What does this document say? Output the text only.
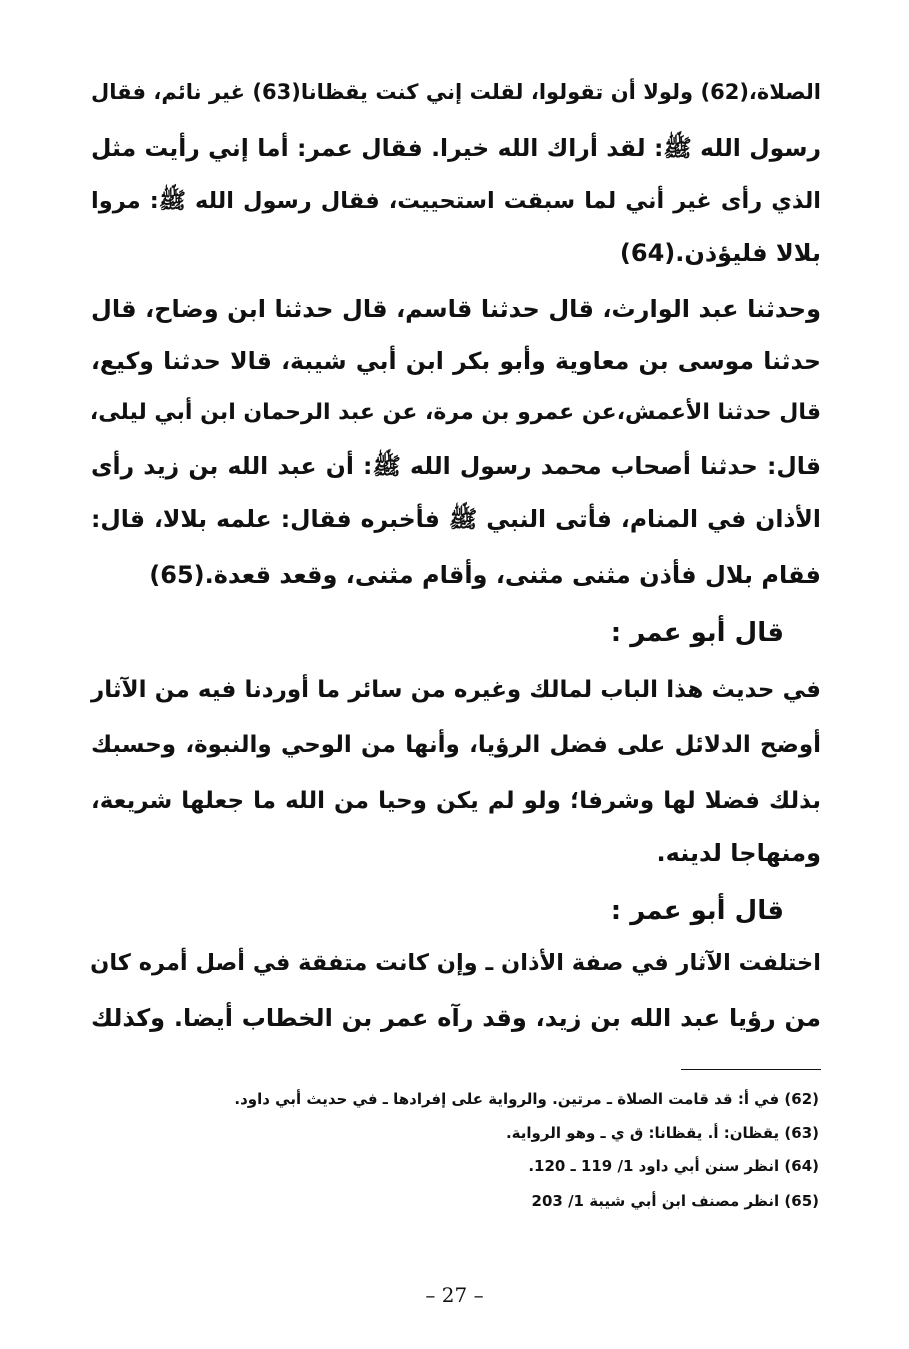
الصلاة،(62) ولولا أن تقولوا، لقلت إني كنت يقظانا(63) غير نائم، فقال
رسول الله ﷺ: لقد أراك الله خيرا. فقال عمر: أما إني رأيت مثل
الذي رأى غير أني لما سبقت استحييت، فقال رسول الله ﷺ: مروا
بلالا فليؤذن.(64)
وحدثنا عبد الوارث، قال حدثنا قاسم، قال حدثنا ابن وضاح، قال
حدثنا موسى بن معاوية وأبو بكر ابن أبي شيبة، قالا حدثنا وكيع،
قال حدثنا الأعمش،عن عمرو بن مرة، عن عبد الرحمان ابن أبي ليلى،
قال: حدثنا أصحاب محمد رسول الله ﷺ: أن عبد الله بن زيد رأى
الأذان في المنام، فأتى النبي ﷺ فأخبره فقال: علمه بلالا، قال:
فقام بلال فأذن مثنى مثنى، وأقام مثنى، وقعد قعدة.(65)
قال أبو عمر :
في حديث هذا الباب لمالك وغيره من سائر ما أوردنا فيه من الآثار
أوضح الدلائل على فضل الرؤيا، وأنها من الوحي والنبوة، وحسبك
بذلك فضلا لها وشرفا؛ ولو لم يكن وحيا من الله ما جعلها شريعة،
ومنهاجا لدينه.
قال أبو عمر :
اختلفت الآثار في صفة الأذان ـ وإن كانت متفقة في أصل أمره كان
من رؤيا عبد الله بن زيد، وقد رآه عمر بن الخطاب أيضا. وكذلك
(62) في أ: قد قامت الصلاة ـ مرتين. والرواية على إفرادها ـ في حديث أبي داود.
(63) يقظان: أ. يقظانا: ق ي ـ وهو الرواية.
(64) انظر سنن أبي داود 1/ 119 ـ 120.
(65) انظر مصنف ابن أبي شيبة 1/ 203
– 27 –
